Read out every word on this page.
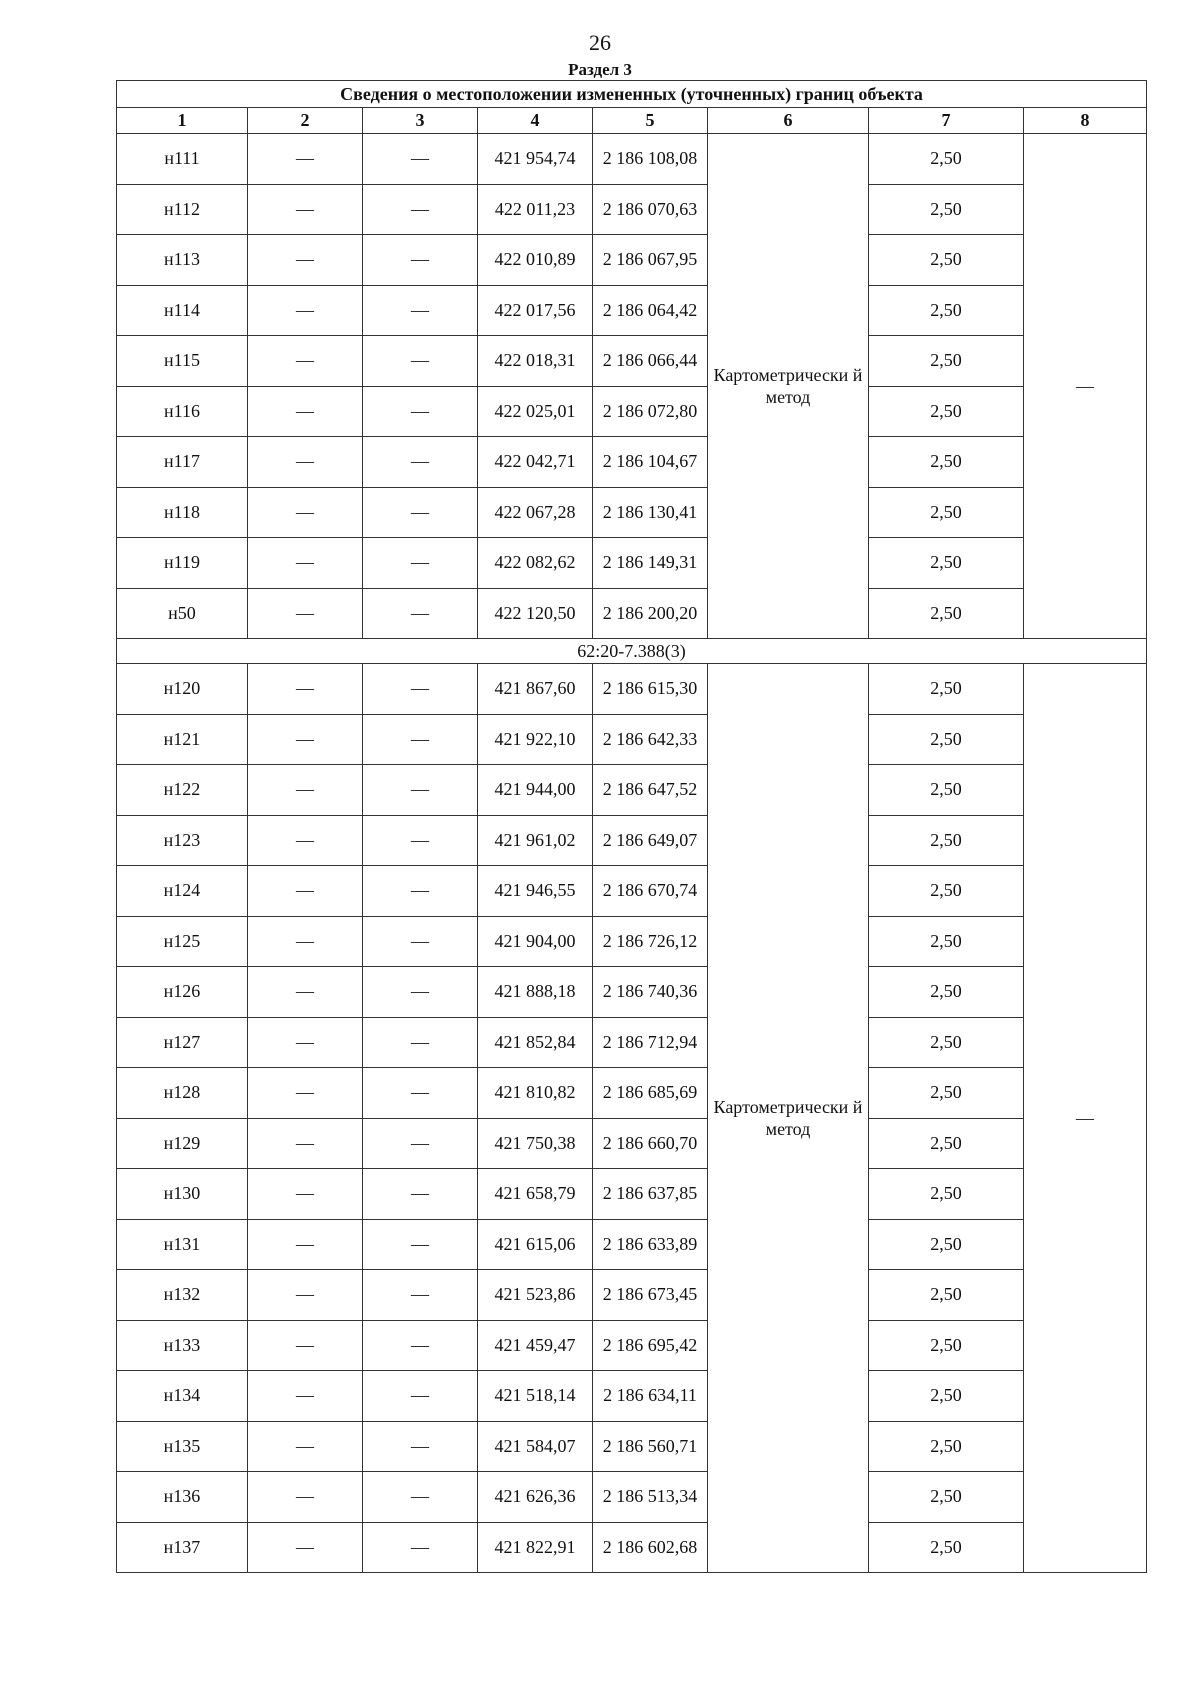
26
Раздел 3
Сведения о местоположении измененных (уточненных) границ объекта							
1	2	3	4	5	6	7	8
н111	—	—	421 954,74	2 186 108,08	Картометрически й метод	2,50	—
н112	—	—	422 011,23	2 186 070,63		2,50	
н113	—	—	422 010,89	2 186 067,95		2,50	
н114	—	—	422 017,56	2 186 064,42		2,50	
н115	—	—	422 018,31	2 186 066,44		2,50	
н116	—	—	422 025,01	2 186 072,80		2,50	
н117	—	—	422 042,71	2 186 104,67		2,50	
н118	—	—	422 067,28	2 186 130,41		2,50	
н119	—	—	422 082,62	2 186 149,31		2,50	
н50	—	—	422 120,50	2 186 200,20		2,50	
62:20-7.388(3)							
н120	—	—	421 867,60	2 186 615,30	Картометрически й метод	2,50	—
н121	—	—	421 922,10	2 186 642,33		2,50	
н122	—	—	421 944,00	2 186 647,52		2,50	
н123	—	—	421 961,02	2 186 649,07		2,50	
н124	—	—	421 946,55	2 186 670,74		2,50	
н125	—	—	421 904,00	2 186 726,12		2,50	
н126	—	—	421 888,18	2 186 740,36		2,50	
н127	—	—	421 852,84	2 186 712,94		2,50	
н128	—	—	421 810,82	2 186 685,69		2,50	
н129	—	—	421 750,38	2 186 660,70		2,50	
н130	—	—	421 658,79	2 186 637,85		2,50	
н131	—	—	421 615,06	2 186 633,89		2,50	
н132	—	—	421 523,86	2 186 673,45		2,50	
н133	—	—	421 459,47	2 186 695,42		2,50	
н134	—	—	421 518,14	2 186 634,11		2,50	
н135	—	—	421 584,07	2 186 560,71		2,50	
н136	—	—	421 626,36	2 186 513,34		2,50	
н137	—	—	421 822,91	2 186 602,68		2,50	
